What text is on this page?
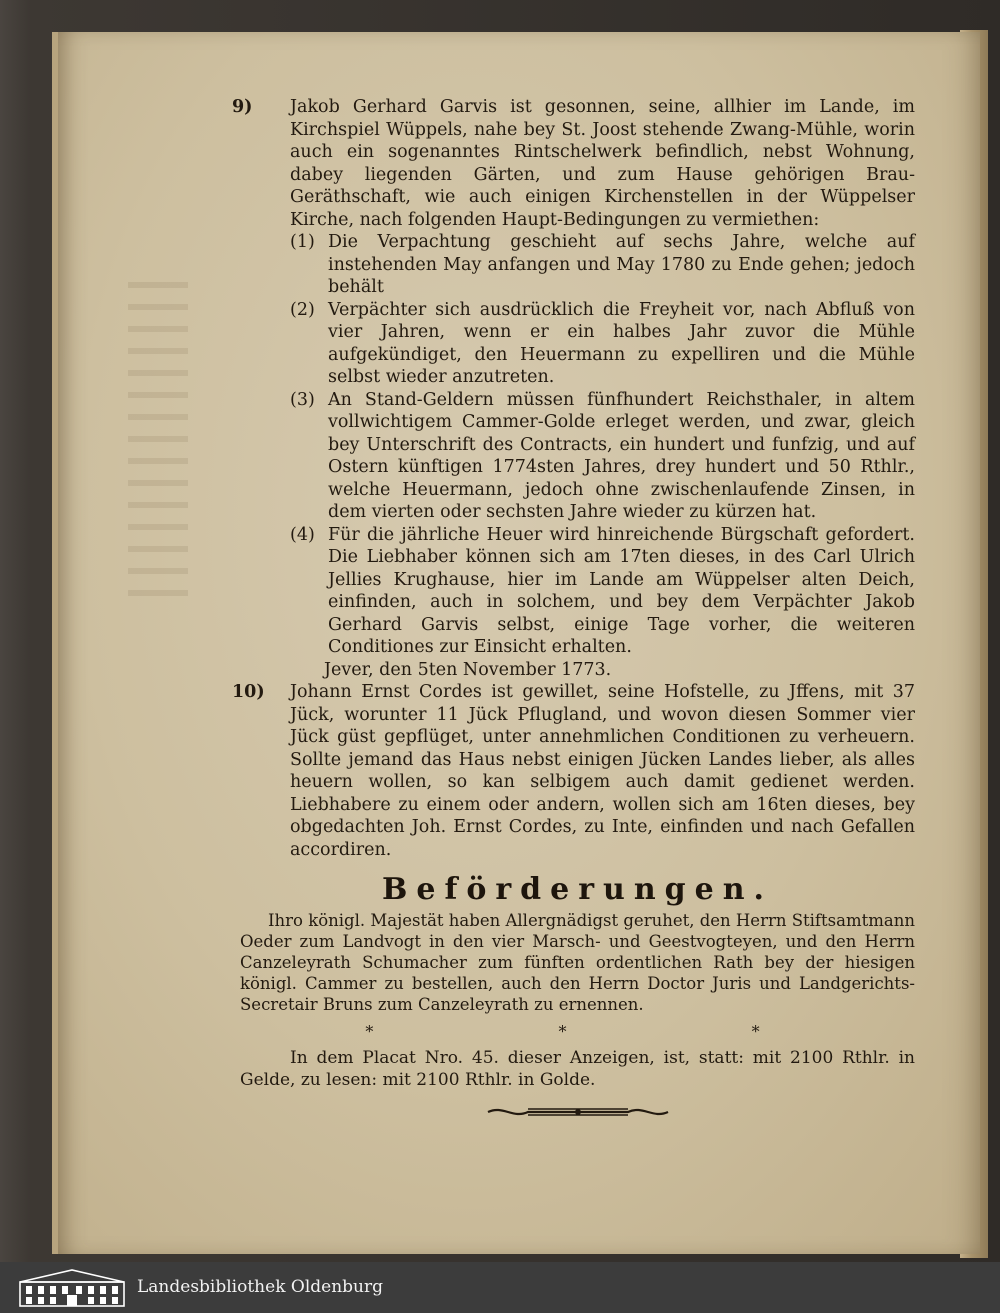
9) Jakob Gerhard Garvis ist gesonnen, seine, allhier im Lande, im Kirchspiel Wüppels, nahe bey St. Joost stehende Zwang-Mühle, worin auch ein sogenanntes Rintschelwerk befindlich, nebst Wohnung, dabey liegenden Gärten, und zum Hause gehörigen Brau-Geräthschaft, wie auch einigen Kirchenstellen in der Wüppelser Kirche, nach folgenden Haupt-Bedingungen zu vermiethen:

(1) Die Verpachtung geschieht auf sechs Jahre, welche auf instehenden May anfangen und May 1780 zu Ende gehen; jedoch behält
(2) Verpächter sich ausdrücklich die Freyheit vor, nach Abfluß von vier Jahren, wenn er ein halbes Jahr zuvor die Mühle aufgekündiget, den Heuermann zu expelliren und die Mühle selbst wieder anzutreten.
(3) An Stand-Geldern müssen fünfhundert Reichsthaler, in altem vollwichtigem Cammer-Golde erleget werden, und zwar, gleich bey Unterschrift des Contracts, ein hundert und funfzig, und auf Ostern künftigen 1774sten Jahres, drey hundert und 50 Rthlr., welche Heuermann, jedoch ohne zwischenlaufende Zinsen, in dem vierten oder sechsten Jahre wieder zu kürzen hat.
(4) Für die jährliche Heuer wird hinreichende Bürgschaft gefordert. Die Liebhaber können sich am 17ten dieses, in des Carl Ulrich Jellies Krughause, hier im Lande am Wüppelser alten Deich, einfinden, auch in solchem, und bey dem Verpächter Jakob Gerhard Garvis selbst, einige Tage vorher, die weiteren Conditiones zur Einsicht erhalten.

Jever, den 5ten November 1773.

10) Johann Ernst Cordes ist gewillet, seine Hofstelle, zu Jffens, mit 37 Jück, worunter 11 Jück Pflugland, und wovon diesen Sommer vier Jück güst gepflüget, unter annehmlichen Conditionen zu verheuern. Sollte jemand das Haus nebst einigen Jücken Landes lieber, als alles heuern wollen, so kan selbigem auch damit gedienet werden. Liebhabere zu einem oder andern, wollen sich am 16ten dieses, bey obgedachten Joh. Ernst Cordes, zu Inte, einfinden und nach Gefallen accordiren.

Beförderungen.

Ihro königl. Majestät haben Allergnädigst geruhet, den Herrn Stiftsamtmann Oeder zum Landvogt in den vier Marsch- und Geestvogteyen, und den Herrn Canzeleyrath Schumacher zum fünften ordentlichen Rath bey der hiesigen königl. Cammer zu bestellen, auch den Herrn Doctor Juris und Landgerichts-Secretair Bruns zum Canzeleyrath zu ernennen.

* * *

In dem Placat Nro. 45. dieser Anzeigen, ist, statt: mit 2100 Rthlr. in Gelde, zu lesen: mit 2100 Rthlr. in Golde.

Landesbibliothek Oldenburg
